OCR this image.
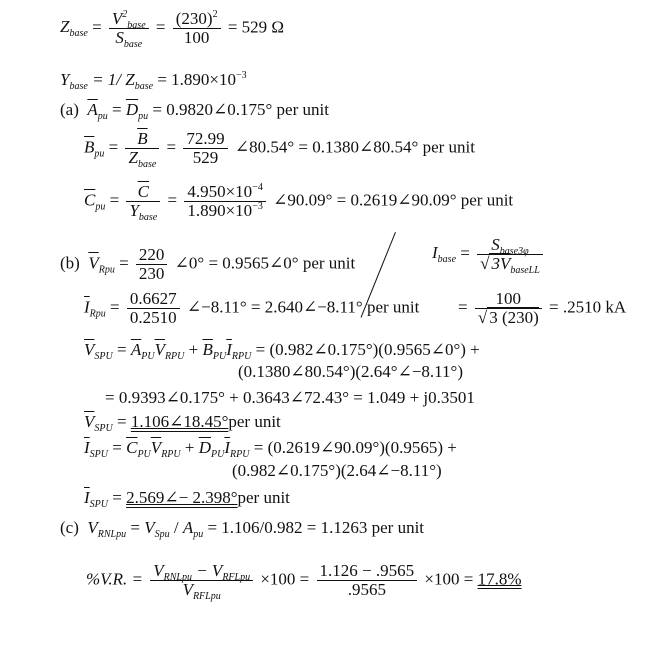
$Z_{base} = \frac{V^2_{base}}{S_{base}} = \frac{(230)^2}{100} = 529$ Ω
$Y_{base} = 1/$ $Z_{base} = 1.890\times 10^{-3}$
(a) $\overline{A}_{pu} = \overline{D}_{pu}$ = 0.9820∠0.175° per unit
$\overline{B}_{pu} = \frac{\overline{B}}{Z_{base}} = \frac{72.99}{529}$ ∠80.54° = 0.1380∠80.54° per unit
$\overline{C}_{pu} = \frac{\overline{C}}{Y_{base}} = \frac{4.950\times 10^{-4}}{1.890\times 10^{-3}}$ ∠90.09° = 0.2619∠90.09° per unit
(b) $\overline{V}_{Rpu} = \frac{220}{230}$ ∠0° = 0.9565∠0° per unit
$\overline{I}_{Rpu} = \frac{0.6627}{0.2510}$ ∠−8.11° = 2.640∠−8.11° per unit
$I_{base} = \frac{S_{base3\varphi}}{√ 3V_{baseLL}}$
= $\frac{100}{√ 3 (230)} = .2510$ kA
$\overline{V}_{SPU} = \overline{A}_{PU}\overline{V}_{RPU} + \overline{B}_{PU}\overline{I}_{RPU}$ = (0.982∠0.175°)(0.9565∠0°) +
(0.1380∠80.54°)(2.64°∠−8.11°)
= 0.9393∠0.175° + 0.3643∠72.43° = 1.049 + j0.3501
$\overline{V}_{SPU}$ = 1.106∠18.45°per unit
$\overline{I}_{SPU} = \overline{C}_{PU}\overline{V}_{RPU} + \overline{D}_{PU}\overline{I}_{RPU}$ = (0.2619∠90.09°)(0.9565) +
(0.982∠0.175°)(2.64∠−8.11°)
$\overline{I}_{SPU}$ = 2.569∠− 2.398°per unit
(c) $V_{RNLpu} = V_{Spu} / A_{pu} = 1.106/0.982 = 1.1263$ per unit
%V.R. = $\frac{V_{RNLpu} - V_{RFLpu}}{V_{RFLpu}} \times 100 = \frac{1.126 - .9565}{.9565} \times 100 = 17.8\%$
